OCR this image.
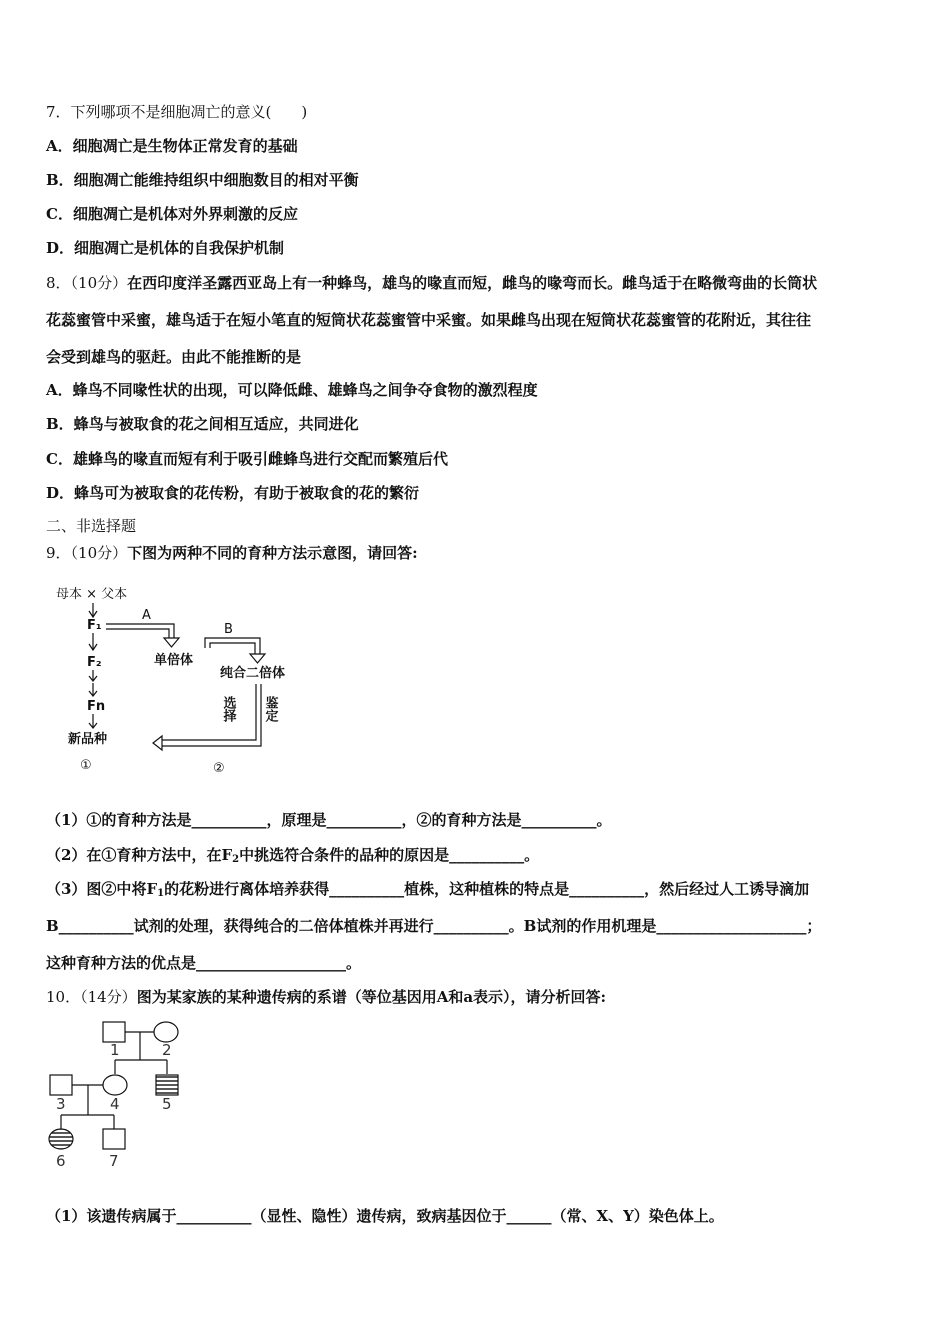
7．下列哪项不是细胞凋亡的意义(　　)
A．细胞凋亡是生物体正常发育的基础
B．细胞凋亡能维持组织中细胞数目的相对平衡
C．细胞凋亡是机体对外界刺激的反应
D．细胞凋亡是机体的自我保护机制
8．（10分）在西印度洋圣露西亚岛上有一种蜂鸟，雄鸟的喙直而短，雌鸟的喙弯而长。雌鸟适于在略微弯曲的长筒状
花蕊蜜管中采蜜，雄鸟适于在短小笔直的短筒状花蕊蜜管中采蜜。如果雌鸟出现在短筒状花蕊蜜管的花附近，其往往
会受到雄鸟的驱赶。由此不能推断的是
A．蜂鸟不同喙性状的出现，可以降低雌、雄蜂鸟之间争夺食物的激烈程度
B．蜂鸟与被取食的花之间相互适应，共同进化
C．雄蜂鸟的喙直而短有利于吸引雌蜂鸟进行交配而繁殖后代
D．蜂鸟可为被取食的花传粉，有助于被取食的花的繁衍
二、非选择题
9．（10分）下图为两种不同的育种方法示意图，请回答:
母本 × 父本
F₁
F₂
Fn
新品种
①
A
单倍体
B
纯合二倍体
选择 鉴定
②
（1）①的育种方法是__________，原理是__________，②的育种方法是__________。
（2）在①育种方法中，在$F_2$中挑选符合条件的品种的原因是__________。
（3）图②中将$F_1$的花粉进行离体培养获得__________植株，这种植株的特点是__________，然后经过人工诱导滴加
B__________试剂的处理，获得纯合的二倍体植株并再进行__________。B试剂的作用机理是____________________；
这种育种方法的优点是____________________。
10．（14分）图为某家族的某种遗传病的系谱（等位基因用A和a表示），请分析回答:
1	2
3	4	5
6	7
（1）该遗传病属于__________（显性、隐性）遗传病，致病基因位于______（常、X、Y）染色体上。
